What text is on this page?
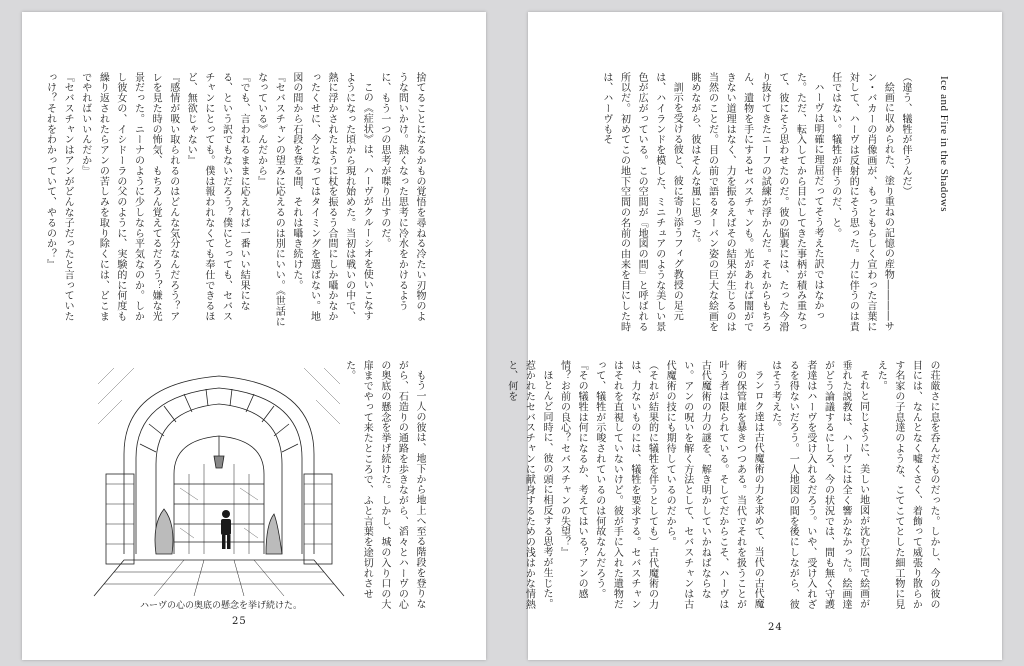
捨てることになるかもの覚悟を尋ねる冷たい刃物のような問いかけ。熱くなった思考に冷水をかけるように、もう一つの思考が喋り出すのだ。

この《症状》は、ハーヴがクルーシオを使いこなすようになった頃から現れ始めた。当初は戦いの中で、熱に浮かされたように杖を振るう合間にしか囁かなかったくせに、今となってはタイミングを選ばない。地図の間から石段を登る間、それは囁き続けた。

『セバスチャンの望みに応えるのは別にいい。《世話になっている》んだから』

『でも、言われるままに応えれば一番いい結果になる、という訳でもないだろう？僕にとっても、セバスチャンにとっても。僕は報われなくても奉仕できるほど、無欲じゃない』

『感情が吸い取られるのはどんな気分なんだろう？アレを見た時の怖気、もちろん覚えてるだろう？嫌な光景だった。ニーナのように少しなら平気なのか。しかし彼女の、イシドーラの父のように、実験的に何度も繰り返されたらアンの苦しみを取り除くには、どこまでやればいいんだか』

『セバスチャンはアンがどんな子だったと言っていたっけ？それをわかっていて、やるのか？』

もう一人の彼は、地下から地上へ至る階段を登りながら、石造りの通路を歩きながら、滔々とハーヴの心の奥底の懸念を挙げ続けた。しかし、城の入り口の大扉までやって来たところで、ふと言葉を途切れさせた。

ハーヴの心の奥底の懸念を挙げ続けた。
25
Ice and Fire in the Shadows

（違う、犠牲が伴うんだ）

絵画に収められた、塗り重ねの記憶の産物――――サン・バカーの肖像画が、もっともらしく宣わった言葉に対して、ハーヴは反射的にそう思った。力に伴うのは責任ではない。犠牲が伴うのだ、と。

ハーヴは明確に理屈だってそう考えた訳ではなかった。ただ、転入してから目にしてきた事柄が積み重なって、彼にそう思わせたのだ。彼の脳裏には、たった今滑り抜けてきたニーフの試練が浮かんだ。それからもちろん、遺物を手にするセバスチャンも。光があれば闇ができない道理はなく、力を振るえばその結果が生じるのは当然のことだ。目の前で語るターバン姿の巨大な絵画を眺めながら、彼はそんな風に思った。

訓示を受ける彼と、彼に寄り添うフィグ教授の足元は、ハイランドを模した、ミニチュアのような美しい景色が広がっている。この空間が『地図の間』と呼ばれる所以だ。初めてこの地下空間の名前の由来を目にした時は、ハーヴもそ

の荘厳さに息を呑んだものだった。しかし、今の彼の目には、なんとなく嘘くさく、着飾って威張り散らかす名家の子息達のような、こてこてとした細工物に見えた。

それと同じように、美しい地図が沈む広間で絵画が垂れた説教は、ハーヴには全く響かなかった。絵画達がどう論議するにしろ、今の状況では、間も無く守護者達はハーヴを受け入れるだろう。いや、受け入れざるを得ないだろう。一人地図の間を後にしながら、彼はそう考えた。

ランロク達は古代魔術の力を求めて、当代の古代魔術の保管庫を暴きつつある。当代でそれを扱うことが叶う者は限られている。そしてだからこそ、ハーヴは古代魔術の力の謎を、解き明かしていかねばならない。アンの呪いを解く方法として、セバスチャンは古代魔術の技にも期待しているのだから。

（それが結果的に犠牲を伴うとしても）古代魔術の力は、力ないものには、犠牲を要求する。セバスチャンはそれを直視していないけど。彼が手に入れた遺物だって、犠牲が示唆されているのは何故なんだろう。

『その犠牲は何になるか、考えてはいる？アンの感情？お前の良心？セバスチャンの失望？』

ほとんど同時に、彼の頭に相反する思考が生じた。惹かれたセバスチャンに献身するための浅はかな情熱と、何を

24
